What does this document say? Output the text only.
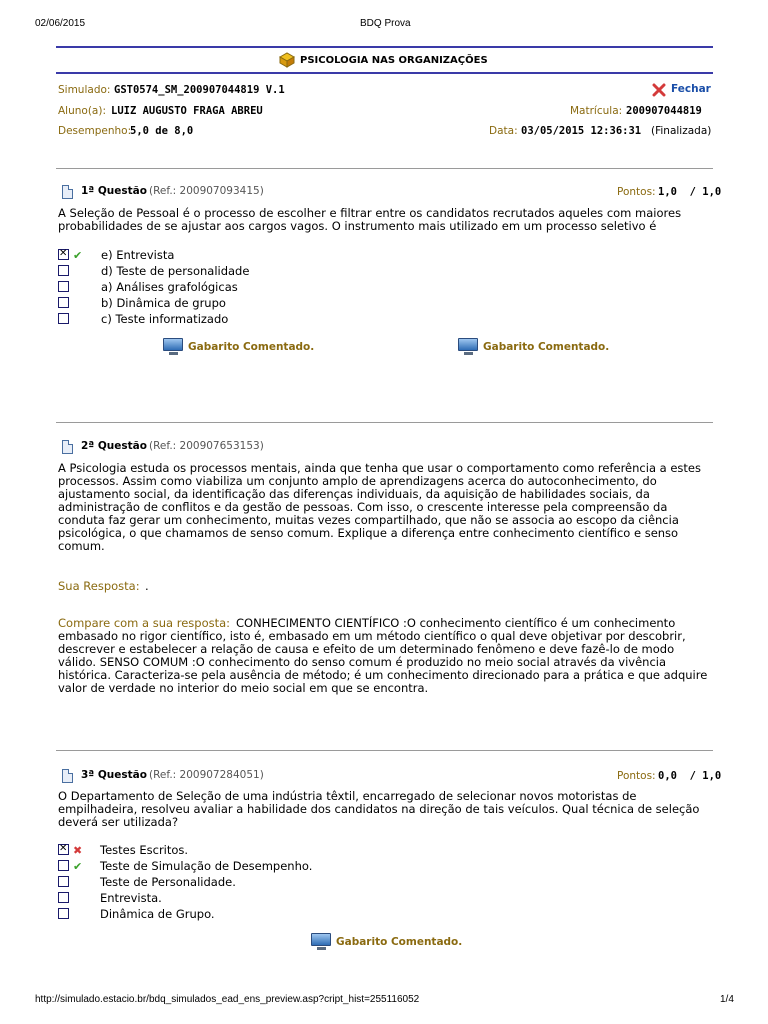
02/06/2015	BDQ Prova
PSICOLOGIA NAS ORGANIZAÇÕES
Simulado: GST0574_SM_200907044819 V.1	Fechar
Aluno(a): LUIZ AUGUSTO FRAGA ABREU	Matrícula: 200907044819
Desempenho:
5,0 de 8,0	Data: 03/05/2015 12:36:31 (Finalizada)
1ª Questão (Ref.: 200907093415)	Pontos: 1,0  / 1,0
A Seleção de Pessoal é o processo de escolher e filtrar entre os candidatos recrutados aqueles com maiores
probabilidades de se ajustar aos cargos vagos. O instrumento mais utilizado em um processo seletivo é
✕
✔ e) Entrevista
d) Teste de personalidade
a) Análises grafológicas
b) Dinâmica de grupo
c) Teste informatizado
Gabarito Comentado.	Gabarito Comentado.
2ª Questão (Ref.: 200907653153)
A Psicologia estuda os processos mentais, ainda que tenha que usar o comportamento como referência a estes
processos. Assim como viabiliza um conjunto amplo de aprendizagens acerca do autoconhecimento, do
ajustamento social, da identificação das diferenças individuais, da aquisição de habilidades sociais, da
administração de conflitos e da gestão de pessoas. Com isso, o crescente interesse pela compreensão da
conduta faz gerar um conhecimento, muitas vezes compartilhado, que não se associa ao escopo da ciência
psicológica, o que chamamos de senso comum. Explique a diferença entre conhecimento científico e senso
comum.
Sua Resposta: .
Compare com a sua resposta: CONHECIMENTO CIENTÍFICO :O conhecimento científico é um conhecimento
embasado no rigor científico, isto é, embasado em um método científico o qual deve objetivar por descobrir,
descrever e estabelecer a relação de causa e efeito de um determinado fenômeno e deve fazê-lo de modo
válido. SENSO COMUM :O conhecimento do senso comum é produzido no meio social através da vivência
histórica. Caracteriza-se pela ausência de método; é um conhecimento direcionado para a prática e que adquire
valor de verdade no interior do meio social em que se encontra.
3ª Questão (Ref.: 200907284051)	Pontos: 0,0  / 1,0
O Departamento de Seleção de uma indústria têxtil, encarregado de selecionar novos motoristas de
empilhadeira, resolveu avaliar a habilidade dos candidatos na direção de tais veículos. Qual técnica de seleção
deverá ser utilizada?
✕
✖ Testes Escritos.
✔ Teste de Simulação de Desempenho.
Teste de Personalidade.
Entrevista.
Dinâmica de Grupo.
Gabarito Comentado.
http://simulado.estacio.br/bdq_simulados_ead_ens_preview.asp?cript_hist=255116052	1/4
